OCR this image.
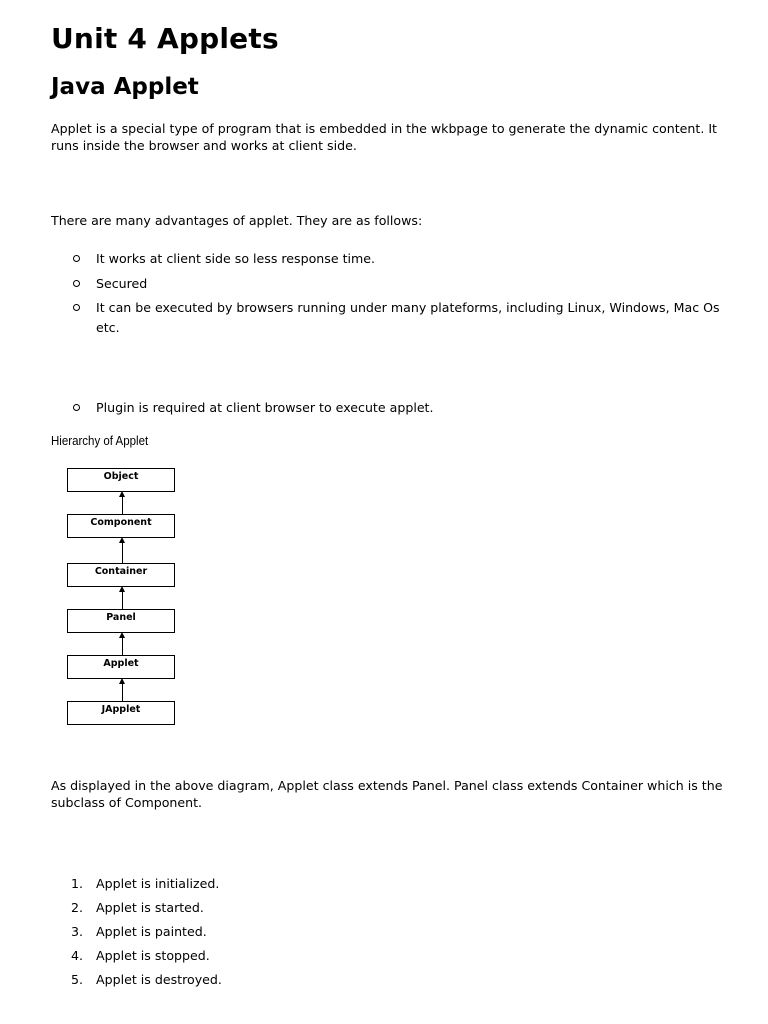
Unit 4 Applets
Java Applet

Applet is a special type of program that is embedded in the wkbpage to generate the dynamic content. It runs inside the browser and works at client side.

There are many advantages of applet. They are as follows:

It works at client side so less response time.
Secured
It can be executed by browsers running under many plateforms, including Linux, Windows, Mac Os etc.
Plugin is required at client browser to execute applet.

Hierarchy of Applet

Object
Component
Container
Panel
Applet
JApplet

As displayed in the above diagram, Applet class extends Panel. Panel class extends Container which is the subclass of Component.

1.	Applet is initialized.
2.	Applet is started.
3.	Applet is painted.
4.	Applet is stopped.
5.	Applet is destroyed.
